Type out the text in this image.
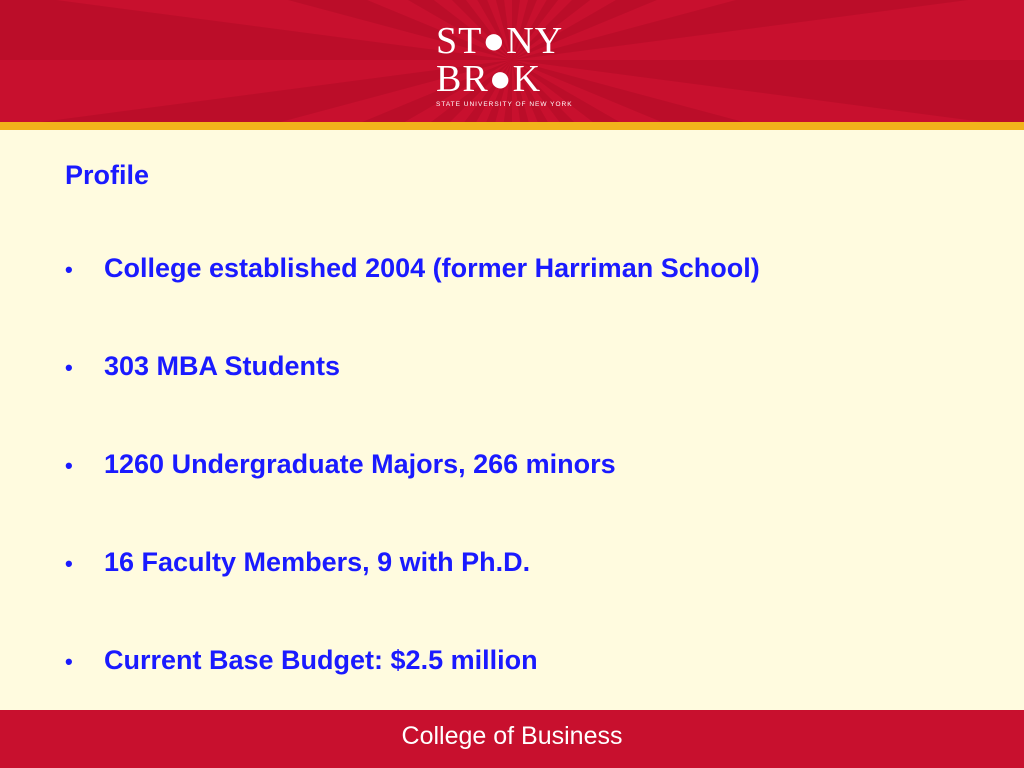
ST●NY
BR●K
STATE UNIVERSITY OF NEW YORK
Profile
• College established 2004 (former Harriman School)
• 303 MBA Students
• 1260 Undergraduate Majors, 266 minors
• 16 Faculty Members, 9 with Ph.D.
• Current Base Budget: $2.5 million
College of Business
